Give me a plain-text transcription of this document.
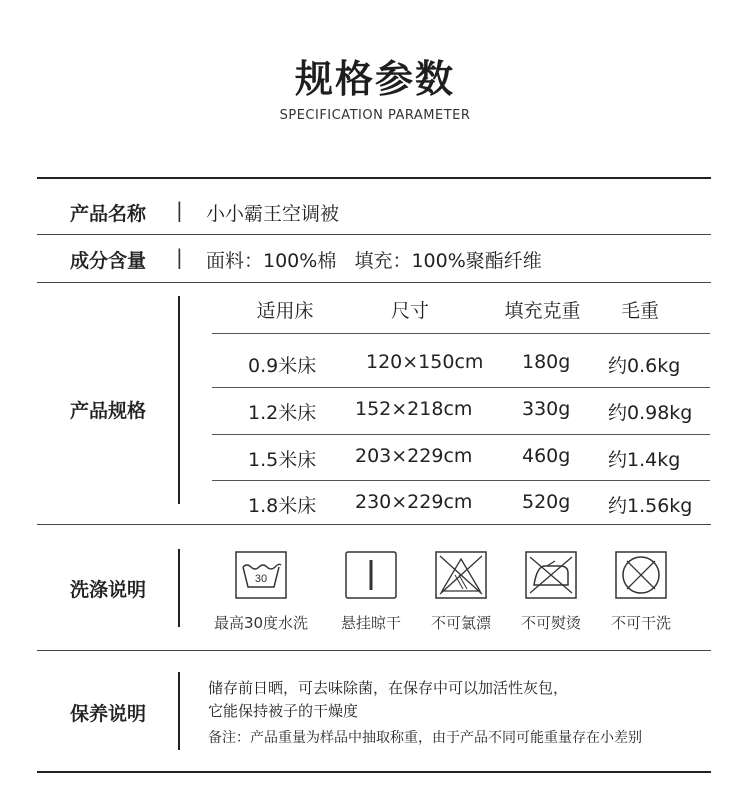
规格参数
SPECIFICATION PARAMETER
产品名称 | 小小霸王空调被
成分含量 | 面料：100%棉   填充：100%聚酯纤维
产品规格
适用床	尺寸	填充克重	毛重
0.9米床	120×150cm 180g 约0.6kg
1.2米床 152×218cm	330g 约0.98kg
1.5米床 203×229cm	460g 约1.4kg
1.8米床 230×229cm	520g 约1.56kg
洗涤说明	30
最高30度水洗	悬挂晾干	不可氯漂	不可熨烫	不可干洗
保养说明
储存前日晒，可去味除菌，在保存中可以加活性灰包，
它能保持被子的干燥度
备注：产品重量为样品中抽取称重，由于产品不同可能重量存在小差别
